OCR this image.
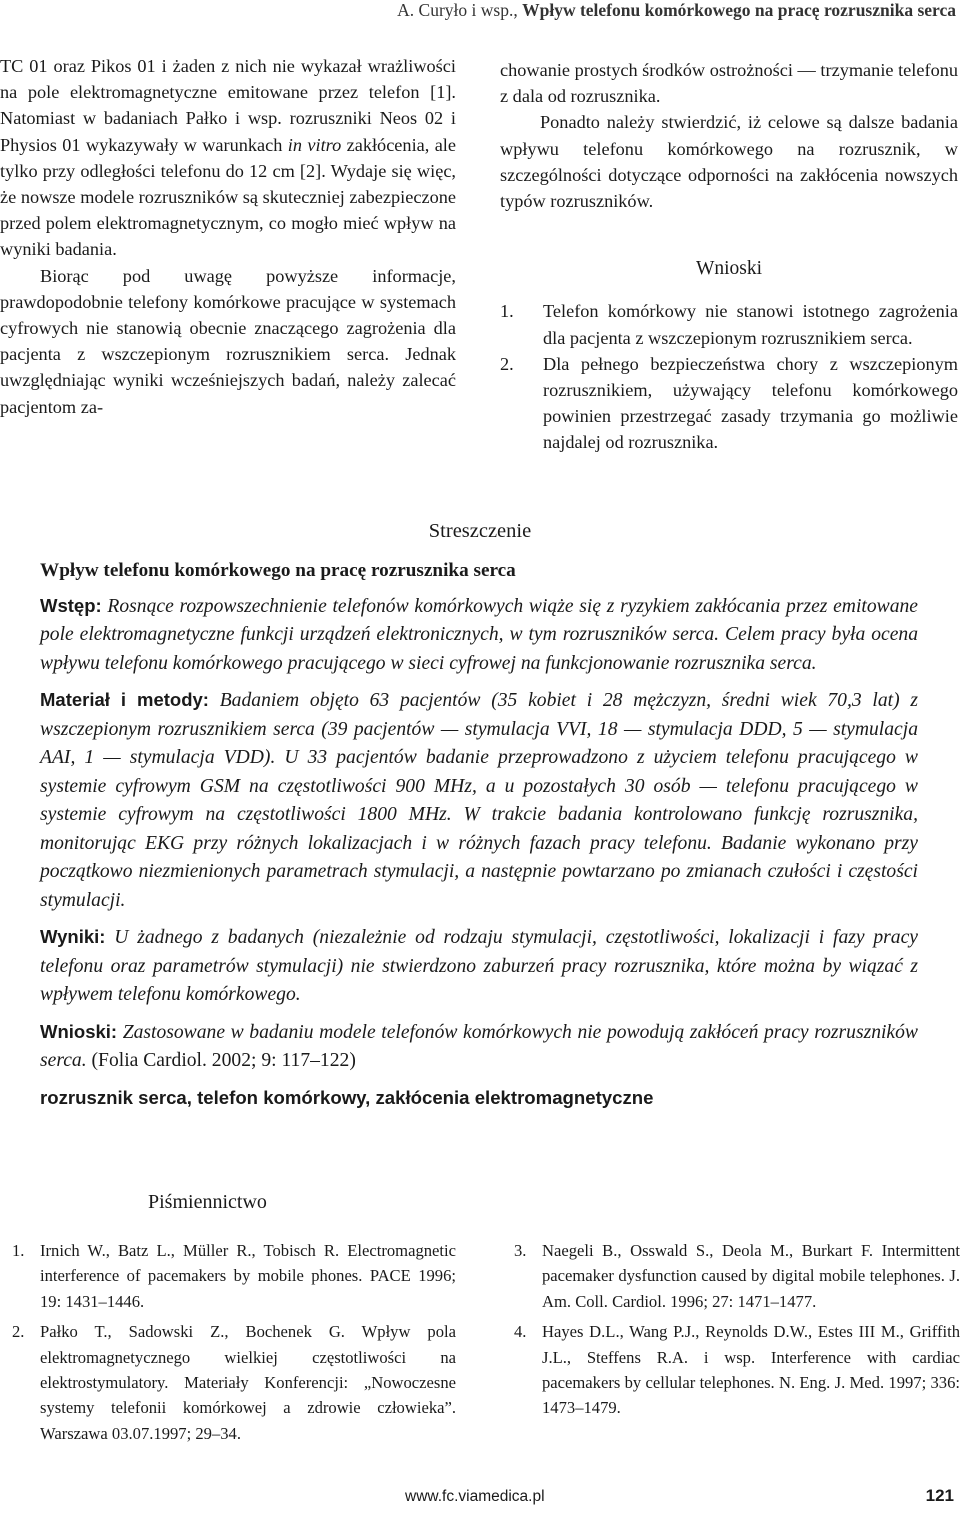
A. Curyło i wsp., Wpływ telefonu komórkowego na pracę rozrusznika serca

TC 01 oraz Pikos 01 i żaden z nich nie wykazał wrażliwości na pole elektromagnetyczne emitowane przez telefon [1]. Natomiast w badaniach Pałko i wsp. rozruszniki Neos 02 i Physios 01 wykazywały w warunkach in vitro zakłócenia, ale tylko przy odległości telefonu do 12 cm [2]. Wydaje się więc, że nowsze modele rozruszników są skuteczniej zabezpieczone przed polem elektromagnetycznym, co mogło mieć wpływ na wyniki badania.

Biorąc pod uwagę powyższe informacje, prawdopodobnie telefony komórkowe pracujące w systemach cyfrowych nie stanowią obecnie znaczącego zagrożenia dla pacjenta z wszczepionym rozrusznikiem serca. Jednak uwzględniając wyniki wcześniejszych badań, należy zalecać pacjentom za-

chowanie prostych środków ostrożności — trzymanie telefonu z dala od rozrusznika.

Ponadto należy stwierdzić, iż celowe są dalsze badania wpływu telefonu komórkowego na rozrusznik, w szczególności dotyczące odporności na zakłócenia nowszych typów rozruszników.

Wnioski
1. Telefon komórkowy nie stanowi istotnego zagrożenia dla pacjenta z wszczepionym rozrusznikiem serca.
2. Dla pełnego bezpieczeństwa chory z wszczepionym rozrusznikiem, używający telefonu komórkowego powinien przestrzegać zasady trzymania go możliwie najdalej od rozrusznika.
Streszczenie
Wpływ telefonu komórkowego na pracę rozrusznika serca

Wstęp: Rosnące rozpowszechnienie telefonów komórkowych wiąże się z ryzykiem zakłócania przez emitowane pole elektromagnetyczne funkcji urządzeń elektronicznych, w tym rozruszników serca. Celem pracy była ocena wpływu telefonu komórkowego pracującego w sieci cyfrowej na funkcjonowanie rozrusznika serca.

Materiał i metody: Badaniem objęto 63 pacjentów (35 kobiet i 28 mężczyzn, średni wiek 70,3 lat) z wszczepionym rozrusznikiem serca (39 pacjentów — stymulacja VVI, 18 — stymulacja DDD, 5 — stymulacja AAI, 1 — stymulacja VDD). U 33 pacjentów badanie przeprowadzono z użyciem telefonu pracującego w systemie cyfrowym GSM na częstotliwości 900 MHz, a u pozostałych 30 osób — telefonu pracującego w systemie cyfrowym na częstotliwości 1800 MHz. W trakcie badania kontrolowano funkcję rozrusznika, monitorując EKG przy różnych lokalizacjach i w różnych fazach pracy telefonu. Badanie wykonano przy początkowo niezmienionych parametrach stymulacji, a następnie powtarzano po zmianach czułości i częstości stymulacji.

Wyniki: U żadnego z badanych (niezależnie od rodzaju stymulacji, częstotliwości, lokalizacji i fazy pracy telefonu oraz parametrów stymulacji) nie stwierdzono zaburzeń pracy rozrusznika, które można by wiązać z wpływem telefonu komórkowego.

Wnioski: Zastosowane w badaniu modele telefonów komórkowych nie powodują zakłóceń pracy rozruszników serca. (Folia Cardiol. 2002; 9: 117–122)

rozrusznik serca, telefon komórkowy, zakłócenia elektromagnetyczne
Piśmiennictwo
1. Irnich W., Batz L., Müller R., Tobisch R. Electromagnetic interference of pacemakers by mobile phones. PACE 1996; 19: 1431–1446.
2. Pałko T., Sadowski Z., Bochenek G. Wpływ pola elektromagnetycznego wielkiej częstotliwości na elektrostymulatory. Materiały Konferencji: „Nowoczesne systemy telefonii komórkowej a zdrowie człowieka”. Warszawa 03.07.1997; 29–34.
3. Naegeli B., Osswald S., Deola M., Burkart F. Intermittent pacemaker dysfunction caused by digital mobile telephones. J. Am. Coll. Cardiol. 1996; 27: 1471–1477.
4. Hayes D.L., Wang P.J., Reynolds D.W., Estes III M., Griffith J.L., Steffens R.A. i wsp. Interference with cardiac pacemakers by cellular telephones. N. Eng. J. Med. 1997; 336: 1473–1479.
www.fc.viamedica.pl	121
